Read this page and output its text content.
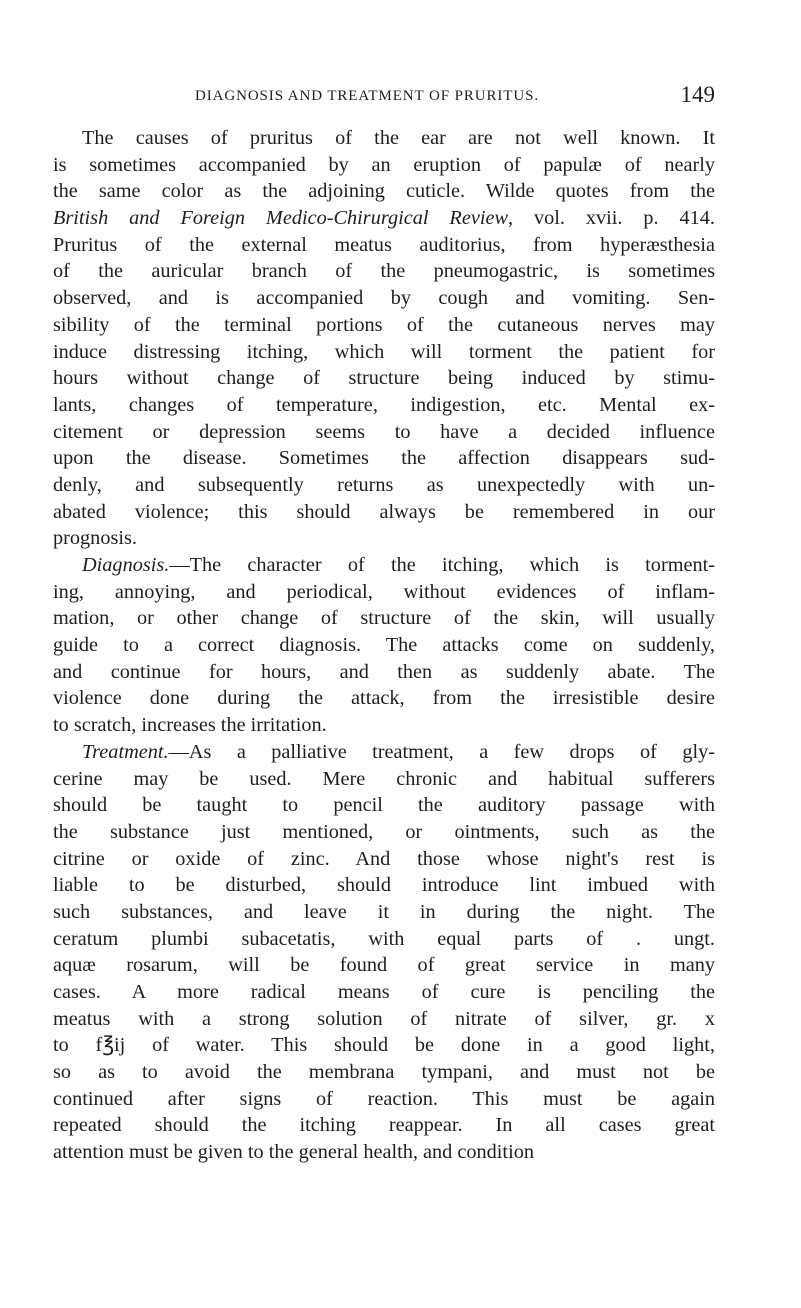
DIAGNOSIS AND TREATMENT OF PRURITUS.	149
The causes of pruritus of the ear are not well known. It
is sometimes accompanied by an eruption of papulæ of nearly
the same color as the adjoining cuticle. Wilde quotes from the
British and Foreign Medico-Chirurgical Review, vol. xvii. p. 414.
Pruritus of the external meatus auditorius, from hyperæsthesia
of the auricular branch of the pneumogastric, is sometimes
observed, and is accompanied by cough and vomiting. Sen-
sibility of the terminal portions of the cutaneous nerves may
induce distressing itching, which will torment the patient for
hours without change of structure being induced by stimu-
lants, changes of temperature, indigestion, etc. Mental ex-
citement or depression seems to have a decided influence
upon the disease. Sometimes the affection disappears sud-
denly, and subsequently returns as unexpectedly with un-
abated violence; this should always be remembered in our
prognosis.
Diagnosis.—The character of the itching, which is torment-
ing, annoying, and periodical, without evidences of inflam-
mation, or other change of structure of the skin, will usually
guide to a correct diagnosis. The attacks come on suddenly,
and continue for hours, and then as suddenly abate. The
violence done during the attack, from the irresistible desire
to scratch, increases the irritation.
Treatment.—As a palliative treatment, a few drops of gly-
cerine may be used. Mere chronic and habitual sufferers
should be taught to pencil the auditory passage with
the substance just mentioned, or ointments, such as the
citrine or oxide of zinc. And those whose night's rest is
liable to be disturbed, should introduce lint imbued with
such substances, and leave it in during the night. The
ceratum plumbi subacetatis, with equal parts of . ungt.
aquæ rosarum, will be found of great service in many
cases. A more radical means of cure is penciling the
meatus with a strong solution of nitrate of silver, gr. x
to f℥ij of water. This should be done in a good light,
so as to avoid the membrana tympani, and must not be
continued after signs of reaction. This must be again
repeated should the itching reappear. In all cases great
attention must be given to the general health, and condition
